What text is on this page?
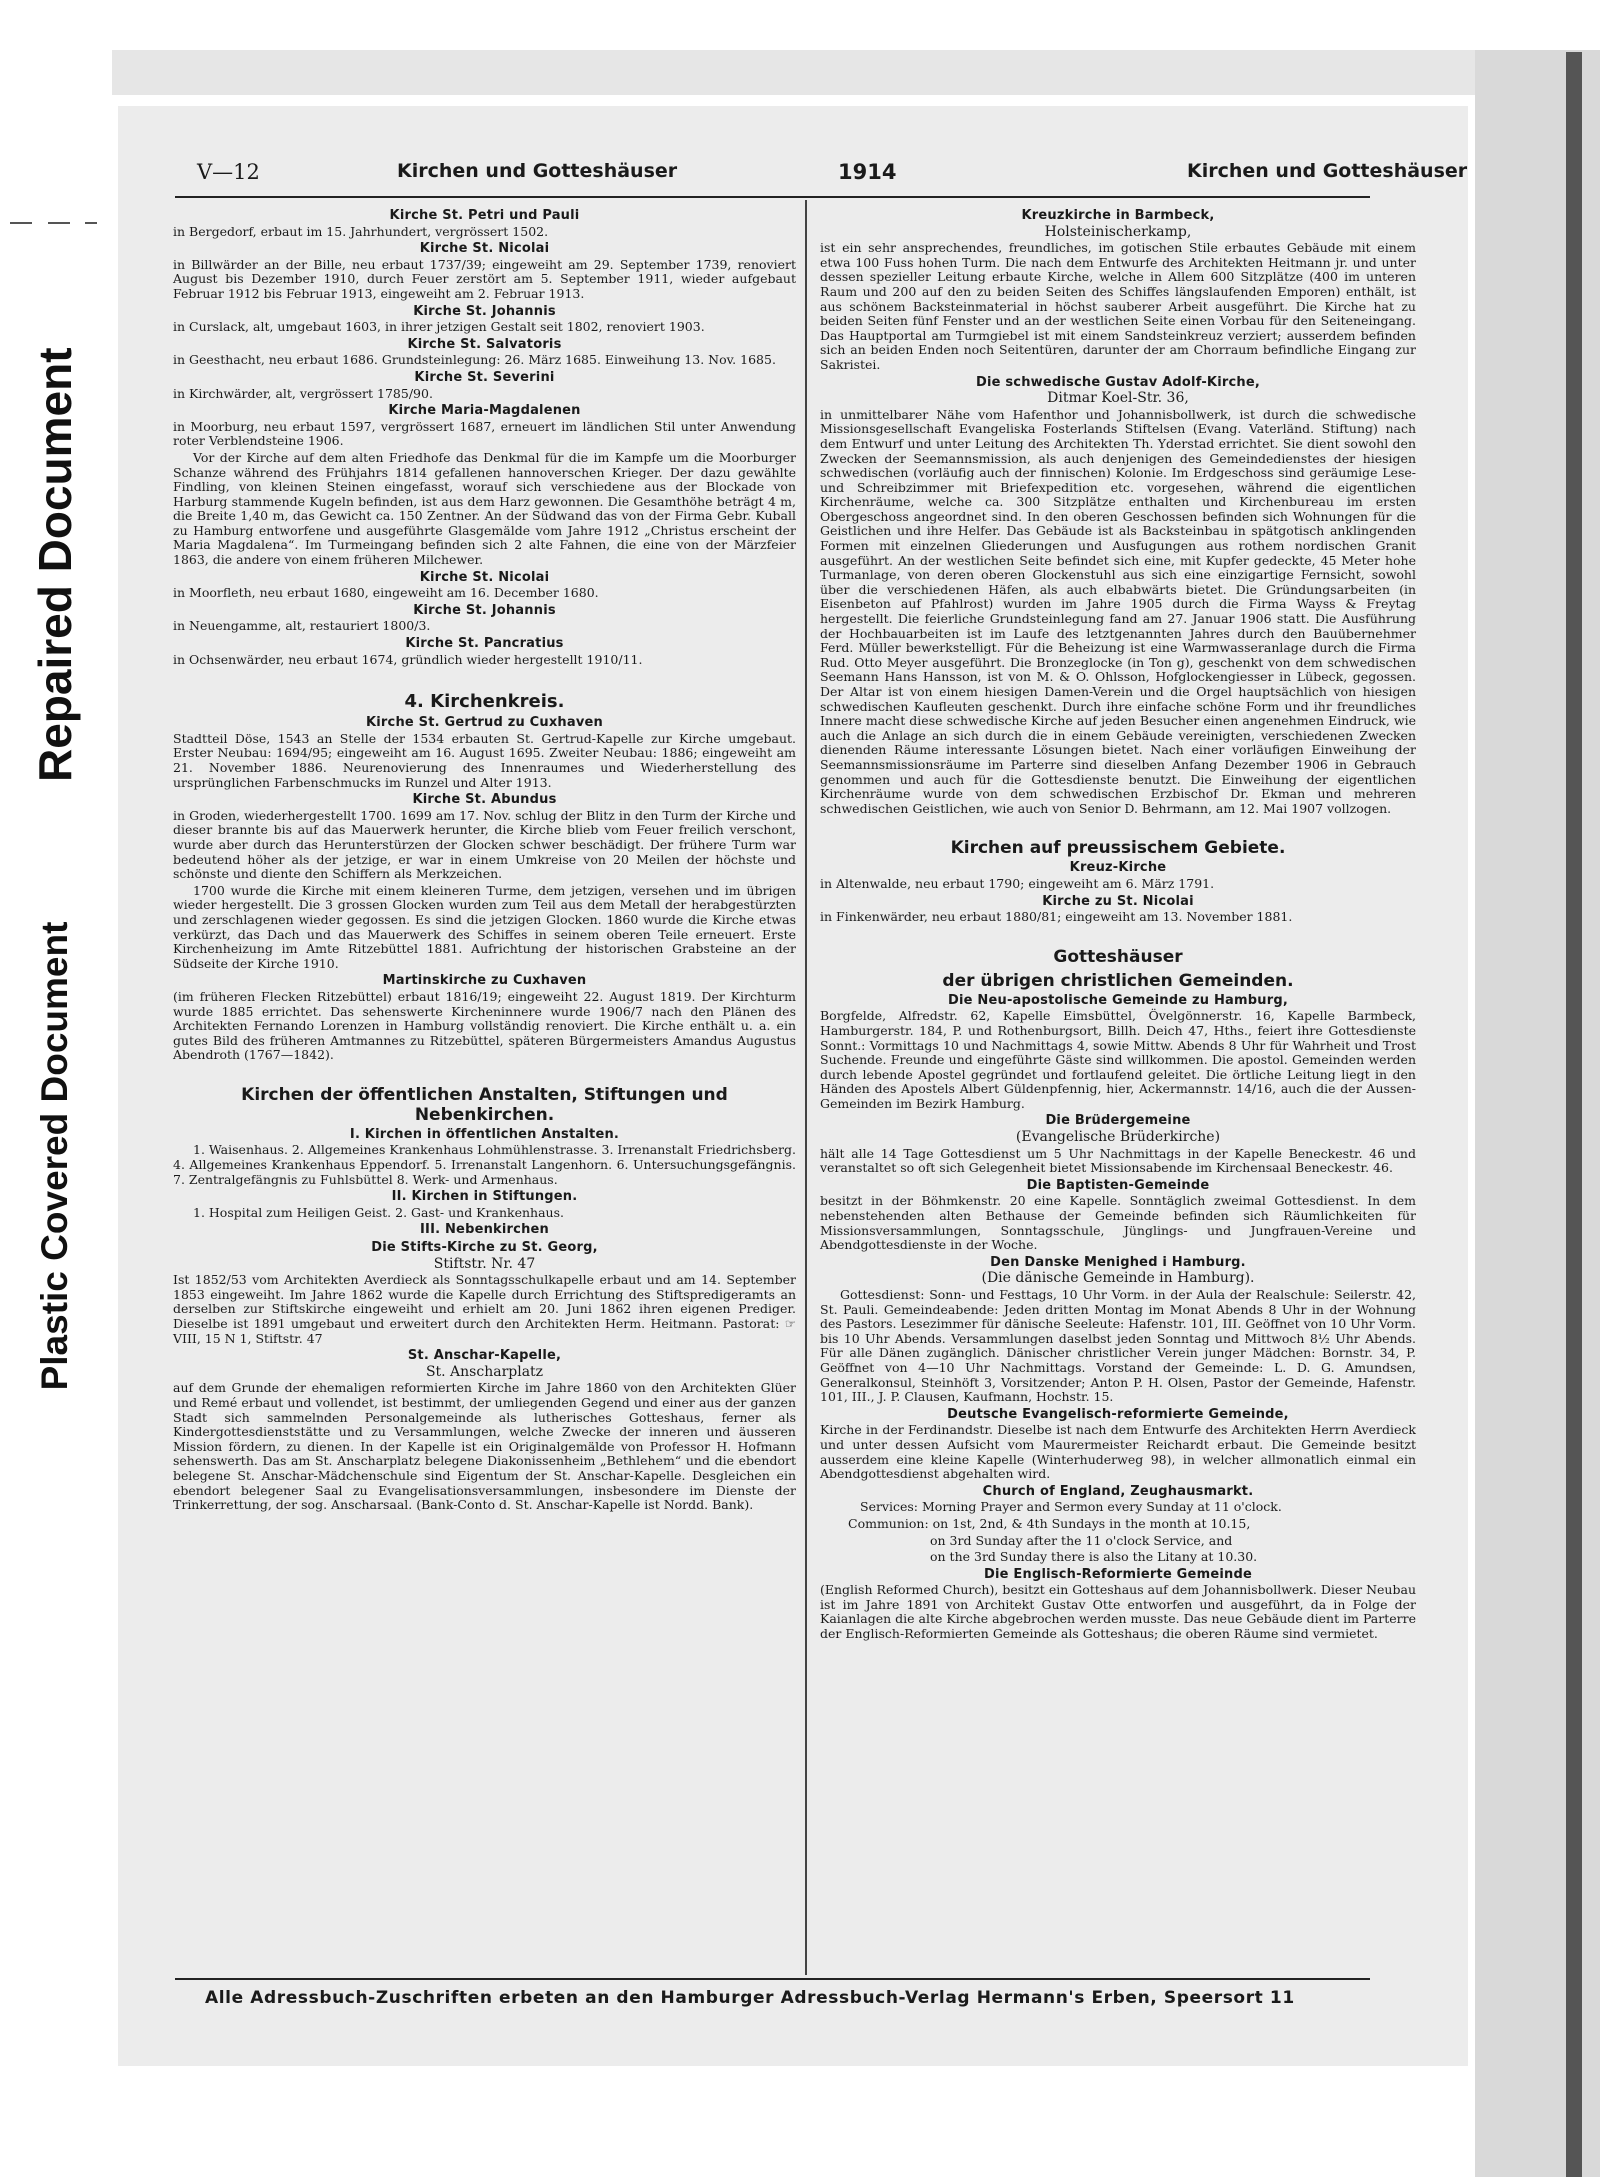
Repaired Document
Plastic Covered Document
V—12	Kirchen und Gotteshäuser	1914	Kirchen und Gotteshäuser
Kirche St. Petri und Pauli
in Bergedorf, erbaut im 15. Jahrhundert, vergrössert 1502.
Kirche St. Nicolai
in Billwärder an der Bille, neu erbaut 1737/39; eingeweiht am 29. September 1739, renoviert August bis Dezember 1910, durch Feuer zerstört am 5. September 1911, wieder aufgebaut Februar 1912 bis Februar 1913, eingeweiht am 2. Februar 1913.
Kirche St. Johannis
in Curslack, alt, umgebaut 1603, in ihrer jetzigen Gestalt seit 1802, renoviert 1903.
Kirche St. Salvatoris
in Geesthacht, neu erbaut 1686. Grundsteinlegung: 26. März 1685. Einweihung 13. Nov. 1685.
Kirche St. Severini
in Kirchwärder, alt, vergrössert 1785/90.
Kirche Maria-Magdalenen
in Moorburg, neu erbaut 1597, vergrössert 1687, erneuert im ländlichen Stil unter Anwendung roter Verblendsteine 1906.
Vor der Kirche auf dem alten Friedhofe das Denkmal für die im Kampfe um die Moorburger Schanze während des Frühjahrs 1814 gefallenen hannoverschen Krieger. Der dazu gewählte Findling, von kleinen Steinen eingefasst, worauf sich verschiedene aus der Blockade von Harburg stammende Kugeln befinden, ist aus dem Harz gewonnen. Die Gesamthöhe beträgt 4 m, die Breite 1,40 m, das Gewicht ca. 150 Zentner. An der Südwand das von der Firma Gebr. Kuball zu Hamburg entworfene und ausgeführte Glasgemälde vom Jahre 1912 „Christus erscheint der Maria Magdalena“. Im Turmeingang befinden sich 2 alte Fahnen, die eine von der Märzfeier 1863, die andere von einem früheren Milchewer.
Kirche St. Nicolai
in Moorfleth, neu erbaut 1680, eingeweiht am 16. December 1680.
Kirche St. Johannis
in Neuengamme, alt, restauriert 1800/3.
Kirche St. Pancratius
in Ochsenwärder, neu erbaut 1674, gründlich wieder hergestellt 1910/11.
4. Kirchenkreis.
Kirche St. Gertrud zu Cuxhaven
Stadtteil Döse, 1543 an Stelle der 1534 erbauten St. Gertrud-Kapelle zur Kirche umgebaut. Erster Neubau: 1694/95; eingeweiht am 16. August 1695. Zweiter Neubau: 1886; eingeweiht am 21. November 1886. Neurenovierung des Innenraumes und Wiederherstellung des ursprünglichen Farbenschmucks im Runzel und Alter 1913.
Kirche St. Abundus
in Groden, wiederhergestellt 1700. 1699 am 17. Nov. schlug der Blitz in den Turm der Kirche und dieser brannte bis auf das Mauerwerk herunter, die Kirche blieb vom Feuer freilich verschont, wurde aber durch das Herunterstürzen der Glocken schwer beschädigt. Der frühere Turm war bedeutend höher als der jetzige, er war in einem Umkreise von 20 Meilen der höchste und schönste und diente den Schiffern als Merkzeichen.
1700 wurde die Kirche mit einem kleineren Turme, dem jetzigen, versehen und im übrigen wieder hergestellt. Die 3 grossen Glocken wurden zum Teil aus dem Metall der herabgestürzten und zerschlagenen wieder gegossen. Es sind die jetzigen Glocken. 1860 wurde die Kirche etwas verkürzt, das Dach und das Mauerwerk des Schiffes in seinem oberen Teile erneuert. Erste Kirchenheizung im Amte Ritzebüttel 1881. Aufrichtung der historischen Grabsteine an der Südseite der Kirche 1910.
Martinskirche zu Cuxhaven
(im früheren Flecken Ritzebüttel) erbaut 1816/19; eingeweiht 22. August 1819. Der Kirchturm wurde 1885 errichtet. Das sehenswerte Kircheninnere wurde 1906/7 nach den Plänen des Architekten Fernando Lorenzen in Hamburg vollständig renoviert. Die Kirche enthält u. a. ein gutes Bild des früheren Amtmannes zu Ritzebüttel, späteren Bürgermeisters Amandus Augustus Abendroth (1767—1842).
Kirchen der öffentlichen Anstalten, Stiftungen und Nebenkirchen.
I. Kirchen in öffentlichen Anstalten.
1. Waisenhaus. 2. Allgemeines Krankenhaus Lohmühlenstrasse. 3. Irrenanstalt Friedrichsberg. 4. Allgemeines Krankenhaus Eppendorf. 5. Irrenanstalt Langenhorn. 6. Untersuchungsgefängnis. 7. Zentralgefängnis zu Fuhlsbüttel 8. Werk- und Armenhaus.
II. Kirchen in Stiftungen.
1. Hospital zum Heiligen Geist. 2. Gast- und Krankenhaus.
III. Nebenkirchen
Die Stifts-Kirche zu St. Georg,
Stiftstr. Nr. 47
Ist 1852/53 vom Architekten Averdieck als Sonntagsschulkapelle erbaut und am 14. September 1853 eingeweiht. Im Jahre 1862 wurde die Kapelle durch Errichtung des Stiftspredigeramts an derselben zur Stiftskirche eingeweiht und erhielt am 20. Juni 1862 ihren eigenen Prediger. Dieselbe ist 1891 umgebaut und erweitert durch den Architekten Herm. Heitmann. Pastorat: ☞ VIII, 15 N 1, Stiftstr. 47
St. Anschar-Kapelle,
St. Anscharplatz
auf dem Grunde der ehemaligen reformierten Kirche im Jahre 1860 von den Architekten Glüer und Remé erbaut und vollendet, ist bestimmt, der umliegenden Gegend und einer aus der ganzen Stadt sich sammelnden Personalgemeinde als lutherisches Gotteshaus, ferner als Kindergottesdienststätte und zu Versammlungen, welche Zwecke der inneren und äusseren Mission fördern, zu dienen. In der Kapelle ist ein Originalgemälde von Professor H. Hofmann sehenswerth. Das am St. Anscharplatz belegene Diakonissenheim „Bethlehem“ und die ebendort belegene St. Anschar-Mädchenschule sind Eigentum der St. Anschar-Kapelle. Desgleichen ein ebendort belegener Saal zu Evangelisationsversammlungen, insbesondere im Dienste der Trinkerrettung, der sog. Anscharsaal. (Bank-Conto d. St. Anschar-Kapelle ist Nordd. Bank).
Kreuzkirche in Barmbeck,
Holsteinischerkamp,
ist ein sehr ansprechendes, freundliches, im gotischen Stile erbautes Gebäude mit einem etwa 100 Fuss hohen Turm. Die nach dem Entwurfe des Architekten Heitmann jr. und unter dessen spezieller Leitung erbaute Kirche, welche in Allem 600 Sitzplätze (400 im unteren Raum und 200 auf den zu beiden Seiten des Schiffes längslaufenden Emporen) enthält, ist aus schönem Backsteinmaterial in höchst sauberer Arbeit ausgeführt. Die Kirche hat zu beiden Seiten fünf Fenster und an der westlichen Seite einen Vorbau für den Seiteneingang. Das Hauptportal am Turmgiebel ist mit einem Sandsteinkreuz verziert; ausserdem befinden sich an beiden Enden noch Seitentüren, darunter der am Chorraum befindliche Eingang zur Sakristei.
Die schwedische Gustav Adolf-Kirche,
Ditmar Koel-Str. 36,
in unmittelbarer Nähe vom Hafenthor und Johannisbollwerk, ist durch die schwedische Missionsgesellschaft Evangeliska Fosterlands Stiftelsen (Evang. Vaterländ. Stiftung) nach dem Entwurf und unter Leitung des Architekten Th. Yderstad errichtet. Sie dient sowohl den Zwecken der Seemannsmission, als auch denjenigen des Gemeindedienstes der hiesigen schwedischen (vorläufig auch der finnischen) Kolonie. Im Erdgeschoss sind geräumige Lese- und Schreibzimmer mit Briefexpedition etc. vorgesehen, während die eigentlichen Kirchenräume, welche ca. 300 Sitzplätze enthalten und Kirchenbureau im ersten Obergeschoss angeordnet sind. In den oberen Geschossen befinden sich Wohnungen für die Geistlichen und ihre Helfer. Das Gebäude ist als Backsteinbau in spätgotisch anklingenden Formen mit einzelnen Gliederungen und Ausfugungen aus rothem nordischen Granit ausgeführt. An der westlichen Seite befindet sich eine, mit Kupfer gedeckte, 45 Meter hohe Turmanlage, von deren oberen Glockenstuhl aus sich eine einzigartige Fernsicht, sowohl über die verschiedenen Häfen, als auch elbabwärts bietet. Die Gründungsarbeiten (in Eisenbeton auf Pfahlrost) wurden im Jahre 1905 durch die Firma Wayss & Freytag hergestellt. Die feierliche Grundsteinlegung fand am 27. Januar 1906 statt. Die Ausführung der Hochbauarbeiten ist im Laufe des letztgenannten Jahres durch den Bauübernehmer Ferd. Müller bewerkstelligt. Für die Beheizung ist eine Warmwasseranlage durch die Firma Rud. Otto Meyer ausgeführt. Die Bronzeglocke (in Ton g), geschenkt von dem schwedischen Seemann Hans Hansson, ist von M. & O. Ohlsson, Hofglockengiesser in Lübeck, gegossen. Der Altar ist von einem hiesigen Damen-Verein und die Orgel hauptsächlich von hiesigen schwedischen Kaufleuten geschenkt. Durch ihre einfache schöne Form und ihr freundliches Innere macht diese schwedische Kirche auf jeden Besucher einen angenehmen Eindruck, wie auch die Anlage an sich durch die in einem Gebäude vereinigten, verschiedenen Zwecken dienenden Räume interessante Lösungen bietet. Nach einer vorläufigen Einweihung der Seemannsmissionsräume im Parterre sind dieselben Anfang Dezember 1906 in Gebrauch genommen und auch für die Gottesdienste benutzt. Die Einweihung der eigentlichen Kirchenräume wurde von dem schwedischen Erzbischof Dr. Ekman und mehreren schwedischen Geistlichen, wie auch von Senior D. Behrmann, am 12. Mai 1907 vollzogen.
Kirchen auf preussischem Gebiete.
Kreuz-Kirche
in Altenwalde, neu erbaut 1790; eingeweiht am 6. März 1791.
Kirche zu St. Nicolai
in Finkenwärder, neu erbaut 1880/81; eingeweiht am 13. November 1881.
Gotteshäuser
der übrigen christlichen Gemeinden.
Die Neu-apostolische Gemeinde zu Hamburg,
Borgfelde, Alfredstr. 62, Kapelle Eimsbüttel, Övelgönnerstr. 16, Kapelle Barmbeck, Hamburgerstr. 184, P. und Rothenburgsort, Billh. Deich 47, Hths., feiert ihre Gottesdienste Sonnt.: Vormittags 10 und Nachmittags 4, sowie Mittw. Abends 8 Uhr für Wahrheit und Trost Suchende. Freunde und eingeführte Gäste sind willkommen. Die apostol. Gemeinden werden durch lebende Apostel gegründet und fortlaufend geleitet. Die örtliche Leitung liegt in den Händen des Apostels Albert Güldenpfennig, hier, Ackermannstr. 14/16, auch die der Aussen-Gemeinden im Bezirk Hamburg.
Die Brüdergemeine
(Evangelische Brüderkirche)
hält alle 14 Tage Gottesdienst um 5 Uhr Nachmittags in der Kapelle Beneckestr. 46 und veranstaltet so oft sich Gelegenheit bietet Missionsabende im Kirchensaal Beneckestr. 46.
Die Baptisten-Gemeinde
besitzt in der Böhmkenstr. 20 eine Kapelle. Sonntäglich zweimal Gottesdienst. In dem nebenstehenden alten Bethause der Gemeinde befinden sich Räumlichkeiten für Missionsversammlungen, Sonntagsschule, Jünglings- und Jungfrauen-Vereine und Abendgottesdienste in der Woche.
Den Danske Menighed i Hamburg.
(Die dänische Gemeinde in Hamburg).
Gottesdienst: Sonn- und Festtags, 10 Uhr Vorm. in der Aula der Realschule: Seilerstr. 42, St. Pauli. Gemeindeabende: Jeden dritten Montag im Monat Abends 8 Uhr in der Wohnung des Pastors. Lesezimmer für dänische Seeleute: Hafenstr. 101, III. Geöffnet von 10 Uhr Vorm. bis 10 Uhr Abends. Versammlungen daselbst jeden Sonntag und Mittwoch 8½ Uhr Abends. Für alle Dänen zugänglich. Dänischer christlicher Verein junger Mädchen: Bornstr. 34, P. Geöffnet von 4—10 Uhr Nachmittags. Vorstand der Gemeinde: L. D. G. Amundsen, Generalkonsul, Steinhöft 3, Vorsitzender; Anton P. H. Olsen, Pastor der Gemeinde, Hafenstr. 101, III., J. P. Clausen, Kaufmann, Hochstr. 15.
Deutsche Evangelisch-reformierte Gemeinde,
Kirche in der Ferdinandstr. Dieselbe ist nach dem Entwurfe des Architekten Herrn Averdieck und unter dessen Aufsicht vom Maurermeister Reichardt erbaut. Die Gemeinde besitzt ausserdem eine kleine Kapelle (Winterhuderweg 98), in welcher allmonatlich einmal ein Abendgottesdienst abgehalten wird.
Church of England, Zeughausmarkt.
Services: Morning Prayer and Sermon every Sunday at 11 o'clock.
Communion: on 1st, 2nd, & 4th Sundays in the month at 10.15,
on 3rd Sunday after the 11 o'clock Service, and
on the 3rd Sunday there is also the Litany at 10.30.
Die Englisch-Reformierte Gemeinde
(English Reformed Church), besitzt ein Gotteshaus auf dem Johannisbollwerk. Dieser Neubau ist im Jahre 1891 von Architekt Gustav Otte entworfen und ausgeführt, da in Folge der Kaianlagen die alte Kirche abgebrochen werden musste. Das neue Gebäude dient im Parterre der Englisch-Reformierten Gemeinde als Gotteshaus; die oberen Räume sind vermietet.
Alle Adressbuch-Zuschriften erbeten an den Hamburger Adressbuch-Verlag Hermann's Erben, Speersort 11
